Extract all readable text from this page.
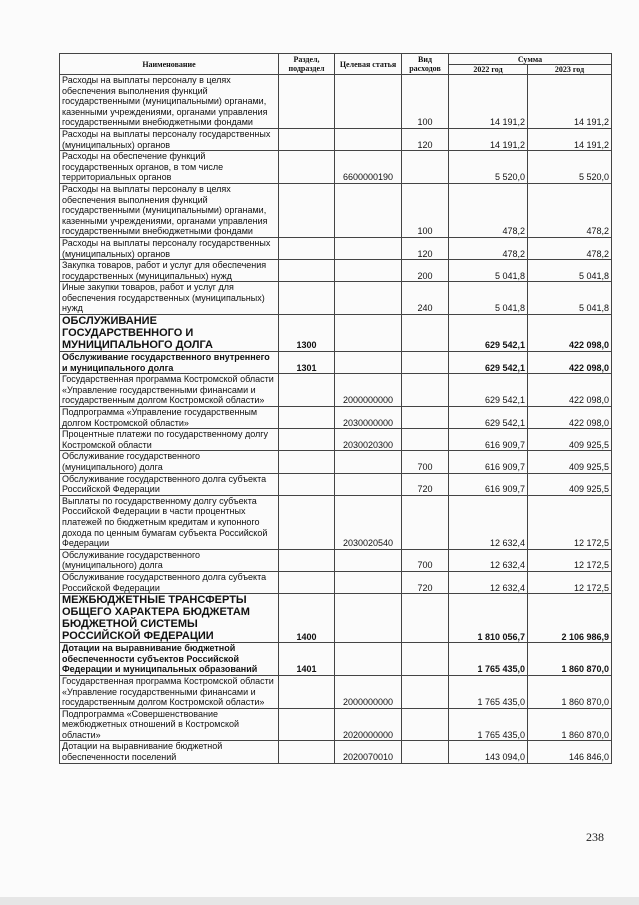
Наименование	Раздел, подраздел	Целевая статья	Вид расходов	Сумма	
				2022 год	2023 год
Расходы на выплаты персоналу в целях обеспечения выполнения функций государственными (муниципальными) органами, казенными учреждениями, органами управления государственными внебюджетными фондами			100	14 191,2	14 191,2
Расходы на выплаты персоналу государственных (муниципальных) органов			120	14 191,2	14 191,2
Расходы на обеспечение функций государственных органов, в том числе территориальных органов		6600000190		5 520,0	5 520,0
Расходы на выплаты персоналу в целях обеспечения выполнения функций государственными (муниципальными) органами, казенными учреждениями, органами управления государственными внебюджетными фондами			100	478,2	478,2
Расходы на выплаты персоналу государственных (муниципальных) органов			120	478,2	478,2
Закупка товаров, работ и услуг для обеспечения государственных (муниципальных) нужд			200	5 041,8	5 041,8
Иные закупки товаров, работ и услуг для обеспечения государственных (муниципальных) нужд			240	5 041,8	5 041,8
ОБСЛУЖИВАНИЕ ГОСУДАРСТВЕННОГО И МУНИЦИПАЛЬНОГО ДОЛГА	1300			629 542,1	422 098,0
Обслуживание государственного внутреннего и муниципального долга	1301			629 542,1	422 098,0
Государственная программа Костромской области «Управление государственными финансами и государственным долгом Костромской области»		2000000000		629 542,1	422 098,0
Подпрограмма «Управление государственным долгом Костромской области»		2030000000		629 542,1	422 098,0
Процентные платежи по государственному долгу Костромской области		2030020300		616 909,7	409 925,5
Обслуживание государственного (муниципального) долга			700	616 909,7	409 925,5
Обслуживание государственного долга субъекта Российской Федерации			720	616 909,7	409 925,5
Выплаты по государственному долгу субъекта Российской Федерации в части процентных платежей по бюджетным кредитам и купонного дохода по ценным бумагам субъекта Российской Федерации		2030020540		12 632,4	12 172,5
Обслуживание государственного (муниципального) долга			700	12 632,4	12 172,5
Обслуживание государственного долга субъекта Российской Федерации			720	12 632,4	12 172,5
МЕЖБЮДЖЕТНЫЕ ТРАНСФЕРТЫ ОБЩЕГО ХАРАКТЕРА БЮДЖЕТАМ БЮДЖЕТНОЙ СИСТЕМЫ РОССИЙСКОЙ ФЕДЕРАЦИИ	1400			1 810 056,7	2 106 986,9
Дотации на выравнивание бюджетной обеспеченности субъектов Российской Федерации и муниципальных образований	1401			1 765 435,0	1 860 870,0
Государственная программа Костромской области «Управление государственными финансами и государственным долгом Костромской области»		2000000000		1 765 435,0	1 860 870,0
Подпрограмма «Совершенствование межбюджетных отношений в Костромской области»		2020000000		1 765 435,0	1 860 870,0
Дотации на выравнивание бюджетной обеспеченности поселений		2020070010		143 094,0	146 846,0
238
